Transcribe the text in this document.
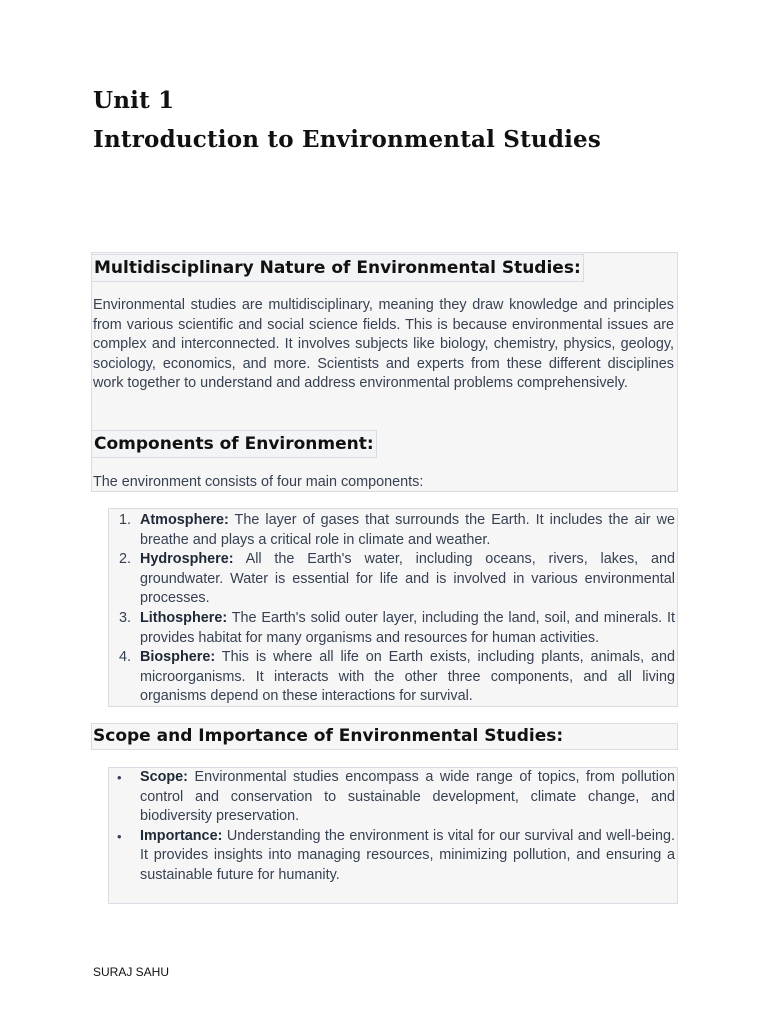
Unit 1
Introduction to Environmental Studies
Multidisciplinary Nature of Environmental Studies:

Environmental studies are multidisciplinary, meaning they draw knowledge and principles from various scientific and social science fields. This is because environmental issues are complex and interconnected. It involves subjects like biology, chemistry, physics, geology, sociology, economics, and more. Scientists and experts from these different disciplines work together to understand and address environmental problems comprehensively.

Components of Environment:

The environment consists of four main components:

1. Atmosphere: The layer of gases that surrounds the Earth. It includes the air we breathe and plays a critical role in climate and weather.
2. Hydrosphere: All the Earth's water, including oceans, rivers, lakes, and groundwater. Water is essential for life and is involved in various environmental processes.
3. Lithosphere: The Earth's solid outer layer, including the land, soil, and minerals. It provides habitat for many organisms and resources for human activities.
4. Biosphere: This is where all life on Earth exists, including plants, animals, and microorganisms. It interacts with the other three components, and all living organisms depend on these interactions for survival.
Scope and Importance of Environmental Studies:
• Scope: Environmental studies encompass a wide range of topics, from pollution control and conservation to sustainable development, climate change, and biodiversity preservation.
• Importance: Understanding the environment is vital for our survival and well-being. It provides insights into managing resources, minimizing pollution, and ensuring a sustainable future for humanity.

SURAJ SAHU
